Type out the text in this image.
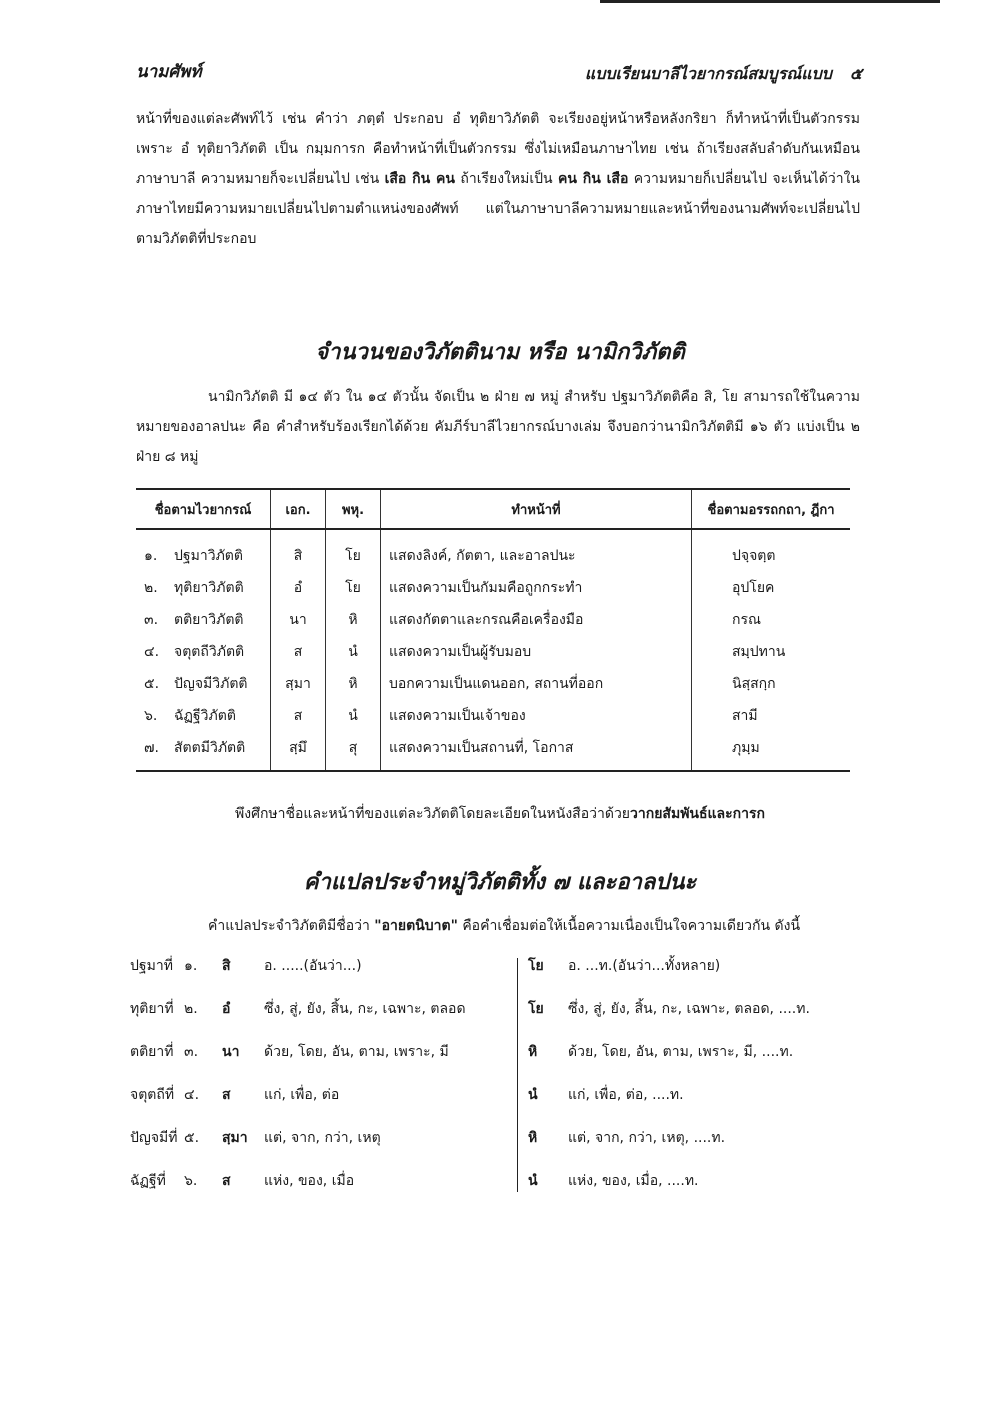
นามศัพท์	แบบเรียนบาลีไวยากรณ์สมบูรณ์แบบ ๕
หน้าที่ของแต่ละศัพท์ไว้ เช่น คำว่า ภตฺตํ ประกอบ อํ ทุติยาวิภัตติ จะเรียงอยู่หน้าหรือหลังกริยา ก็ทำหน้าที่เป็นตัวกรรม เพราะ อํ ทุติยาวิภัตติ เป็น กมฺมการก คือทำหน้าที่เป็นตัวกรรม ซึ่งไม่เหมือนภาษาไทย เช่น ถ้าเรียงสลับลำดับกันเหมือนภาษาบาลี ความหมายก็จะเปลี่ยนไป เช่น เสือ กิน คน ถ้าเรียงใหม่เป็น คน กิน เสือ ความหมายก็เปลี่ยนไป จะเห็นได้ว่าในภาษาไทยมีความหมายเปลี่ยนไปตามตำแหน่งของศัพท์ แต่ในภาษาบาลีความหมายและหน้าที่ของนามศัพท์จะเปลี่ยนไปตามวิภัตติที่ประกอบ
จำนวนของวิภัตตินาม หรือ นามิกวิภัตติ
นามิกวิภัตติ มี ๑๔ ตัว ใน ๑๔ ตัวนั้น จัดเป็น ๒ ฝ่าย ๗ หมู่ สำหรับ ปฐมาวิภัตติคือ สิ, โย สามารถใช้ในความหมายของอาลปนะ คือ คำสำหรับร้องเรียกได้ด้วย คัมภีร์บาลีไวยากรณ์บางเล่ม จึงบอกว่านามิกวิภัตติมี ๑๖ ตัว แบ่งเป็น ๒ ฝ่าย ๘ หมู่
ชื่อตามไวยากรณ์	เอก.	พหุ.	ทำหน้าที่	ชื่อตามอรรถกถา, ฎีกา
๑. ปฐมาวิภัตติ	สิ	โย	แสดงลิงค์, กัตตา, และอาลปนะ	ปจฺจตฺต
๒. ทุติยาวิภัตติ	อํ	โย	แสดงความเป็นกัมมคือถูกกระทำ	อุปโยค
๓. ตติยาวิภัตติ	นา	หิ	แสดงกัตตาและกรณคือเครื่องมือ	กรณ
๔. จตุตถีวิภัตติ	ส	นํ	แสดงความเป็นผู้รับมอบ	สมฺปทาน
๕. ปัญจมีวิภัตติ	สฺมา	หิ	บอกความเป็นแดนออก, สถานที่ออก	นิสฺสกฺก
๖. ฉัฏฐีวิภัตติ	ส	นํ	แสดงความเป็นเจ้าของ	สามี
๗. สัตตมีวิภัตติ	สฺมึ	สุ	แสดงความเป็นสถานที่, โอกาส	ภุมฺม
พึงศึกษาชื่อและหน้าที่ของแต่ละวิภัตติโดยละเอียดในหนังสือว่าด้วยวากยสัมพันธ์และการก
คำแปลประจำหมู่วิภัตติทั้ง ๗ และอาลปนะ
คำแปลประจำวิภัตติมีชื่อว่า "อายตนิบาต" คือคำเชื่อมต่อให้เนื้อความเนื่องเป็นใจความเดียวกัน ดังนี้
ปฐมาที่ ๑. สิ อ. .....(อันว่า...)	โย อ. ...ท.(อันว่า...ทั้งหลาย)
ทุติยาที่ ๒. อํ ซึ่ง, สู่, ยัง, สิ้น, กะ, เฉพาะ, ตลอด	โย ซึ่ง, สู่, ยัง, สิ้น, กะ, เฉพาะ, ตลอด, ....ท.
ตติยาที่ ๓. นา ด้วย, โดย, อัน, ตาม, เพราะ, มี	หิ ด้วย, โดย, อัน, ตาม, เพราะ, มี, ....ท.
จตุตถีที่ ๔. ส แก่, เพื่อ, ต่อ	นํ แก่, เพื่อ, ต่อ, ....ท.
ปัญจมีที่ ๕. สฺมา แต่, จาก, กว่า, เหตุ	หิ แต่, จาก, กว่า, เหตุ, ....ท.
ฉัฏฐีที่ ๖. ส แห่ง, ของ, เมื่อ	นํ แห่ง, ของ, เมื่อ, ....ท.
